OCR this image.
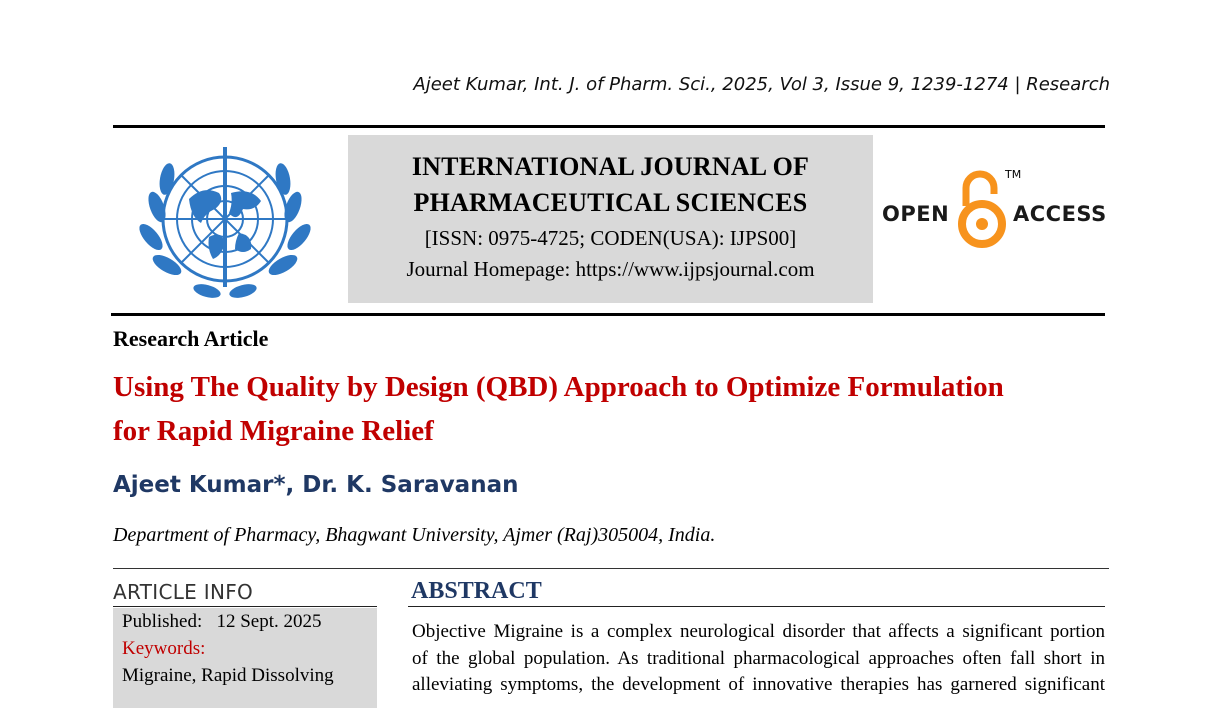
Ajeet Kumar, Int. J. of Pharm. Sci., 2025, Vol 3, Issue 9, 1239-1274 | Research
INTERNATIONAL JOURNAL OF
PHARMACEUTICAL SCIENCES
[ISSN: 0975-4725; CODEN(USA): IJPS00]
Journal Homepage: https://www.ijpsjournal.com
OPEN
TM
ACCESS
Research Article
Using The Quality by Design (QBD) Approach to Optimize Formulation
for Rapid Migraine Relief
Ajeet Kumar*, Dr. K. Saravanan
Department of Pharmacy, Bhagwant University, Ajmer (Raj)305004, India.
ARTICLE INFO
Published:   12 Sept. 2025
Keywords:
Migraine, Rapid Dissolving
ABSTRACT
Objective Migraine is a complex neurological disorder that affects a significant portion
of the global population. As traditional pharmacological approaches often fall short in
alleviating symptoms, the development of innovative therapies has garnered significant
